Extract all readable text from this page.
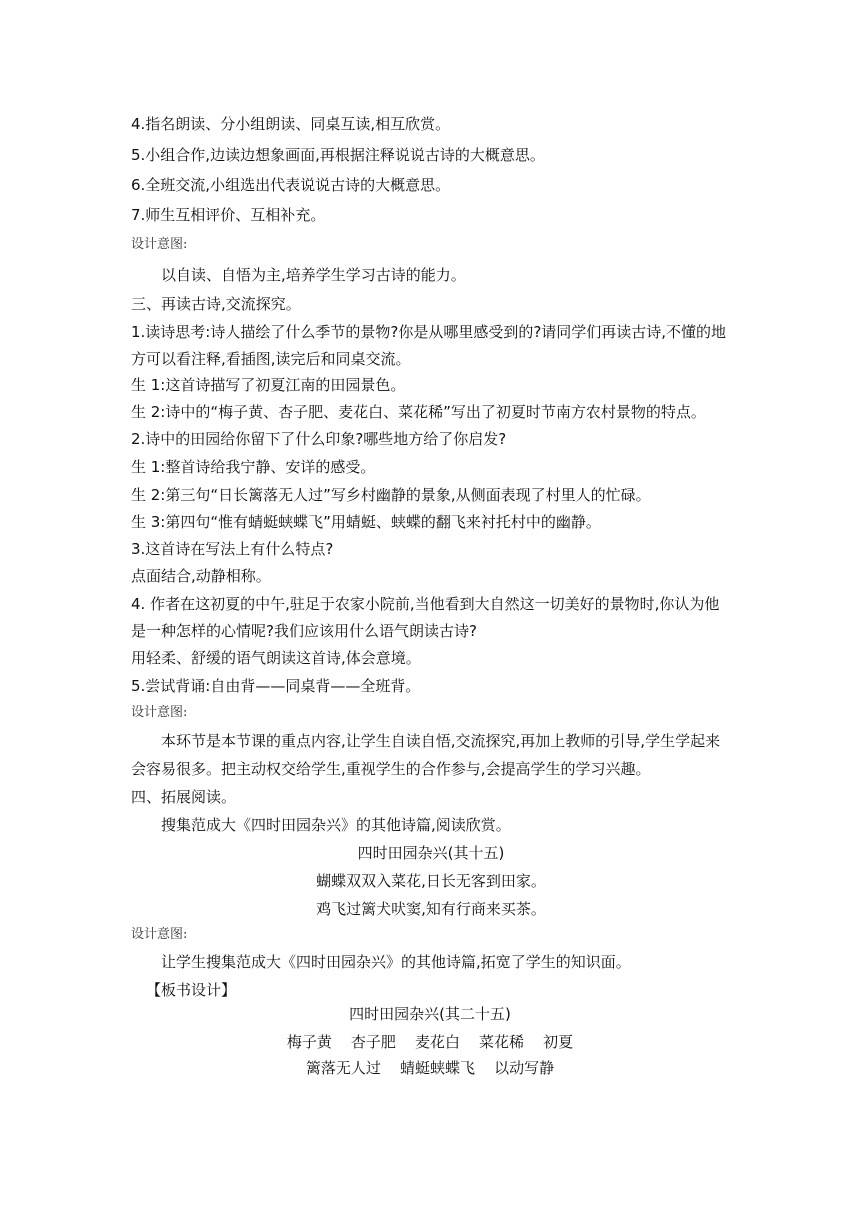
4.指名朗读、分小组朗读、同桌互读,相互欣赏。
5.小组合作,边读边想象画面,再根据注释说说古诗的大概意思。
6.全班交流,小组选出代表说说古诗的大概意思。
7.师生互相评价、互相补充。
设计意图:
以自读、自悟为主,培养学生学习古诗的能力。
三、再读古诗,交流探究。
1.读诗思考:诗人描绘了什么季节的景物?你是从哪里感受到的?请同学们再读古诗,不懂的地
方可以看注释,看插图,读完后和同桌交流。
生 1:这首诗描写了初夏江南的田园景色。
生 2:诗中的“梅子黄、杏子肥、麦花白、菜花稀”写出了初夏时节南方农村景物的特点。
2.诗中的田园给你留下了什么印象?哪些地方给了你启发?
生 1:整首诗给我宁静、安详的感受。
生 2:第三句“日长篱落无人过”写乡村幽静的景象,从侧面表现了村里人的忙碌。
生 3:第四句“惟有蜻蜓蛱蝶飞”用蜻蜓、蛱蝶的翻飞来衬托村中的幽静。
3.这首诗在写法上有什么特点?
点面结合,动静相称。
4. 作者在这初夏的中午,驻足于农家小院前,当他看到大自然这一切美好的景物时,你认为他
是一种怎样的心情呢?我们应该用什么语气朗读古诗?
用轻柔、舒缓的语气朗读这首诗,体会意境。
5.尝试背诵:自由背——同桌背——全班背。
设计意图:
本环节是本节课的重点内容,让学生自读自悟,交流探究,再加上教师的引导,学生学起来
会容易很多。把主动权交给学生,重视学生的合作参与,会提高学生的学习兴趣。
四、拓展阅读。
搜集范成大《四时田园杂兴》的其他诗篇,阅读欣赏。
四时田园杂兴(其十五)
蝴蝶双双入菜花,日长无客到田家。
鸡飞过篱犬吠窦,知有行商来买茶。
设计意图:
让学生搜集范成大《四时田园杂兴》的其他诗篇,拓宽了学生的知识面。
【板书设计】
四时田园杂兴(其二十五)
梅子黄    杏子肥    麦花白    菜花稀    初夏
篱落无人过    蜻蜓蛱蝶飞    以动写静
